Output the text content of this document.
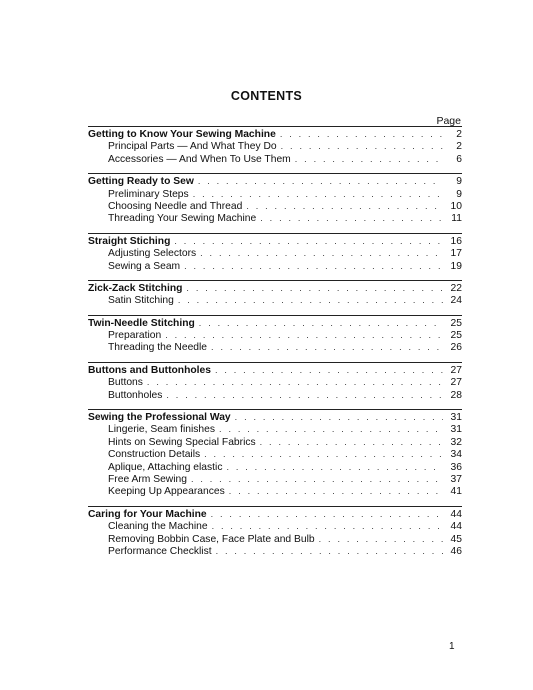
CONTENTS
Page
Getting to Know Your Sewing Machine . . .	2
Principal Parts — And What They Do . . .	2
Accessories — And When To Use Them . . .	6
Getting Ready to Sew . . .	9
Preliminary Steps . . .	9
Choosing Needle and Thread . . .	10
Threading Your Sewing Machine . . .	11
Straight Stiching . . .	16
Adjusting Selectors . . .	17
Sewing a Seam . . .	19
Zick-Zack Stitching . . .	22
Satin Stitching . . .	24
Twin-Needle Stitching . . .	25
Preparation . . .	25
Threading the Needle . . .	26
Buttons and Buttonholes . . .	27
Buttons . . .	27
Buttonholes . . .	28
Sewing the Professional Way . . .	31
Lingerie, Seam finishes . . .	31
Hints on Sewing Special Fabrics . . .	32
Construction Details . . .	34
Aplique, Attaching elastic . . .	36
Free Arm Sewing . . .	37
Keeping Up Appearances . . .	41
Caring for Your Machine . . .	44
Cleaning the Machine . . .	44
Removing Bobbin Case, Face Plate and Bulb . . .	45
Performance Checklist . . .	46
1
